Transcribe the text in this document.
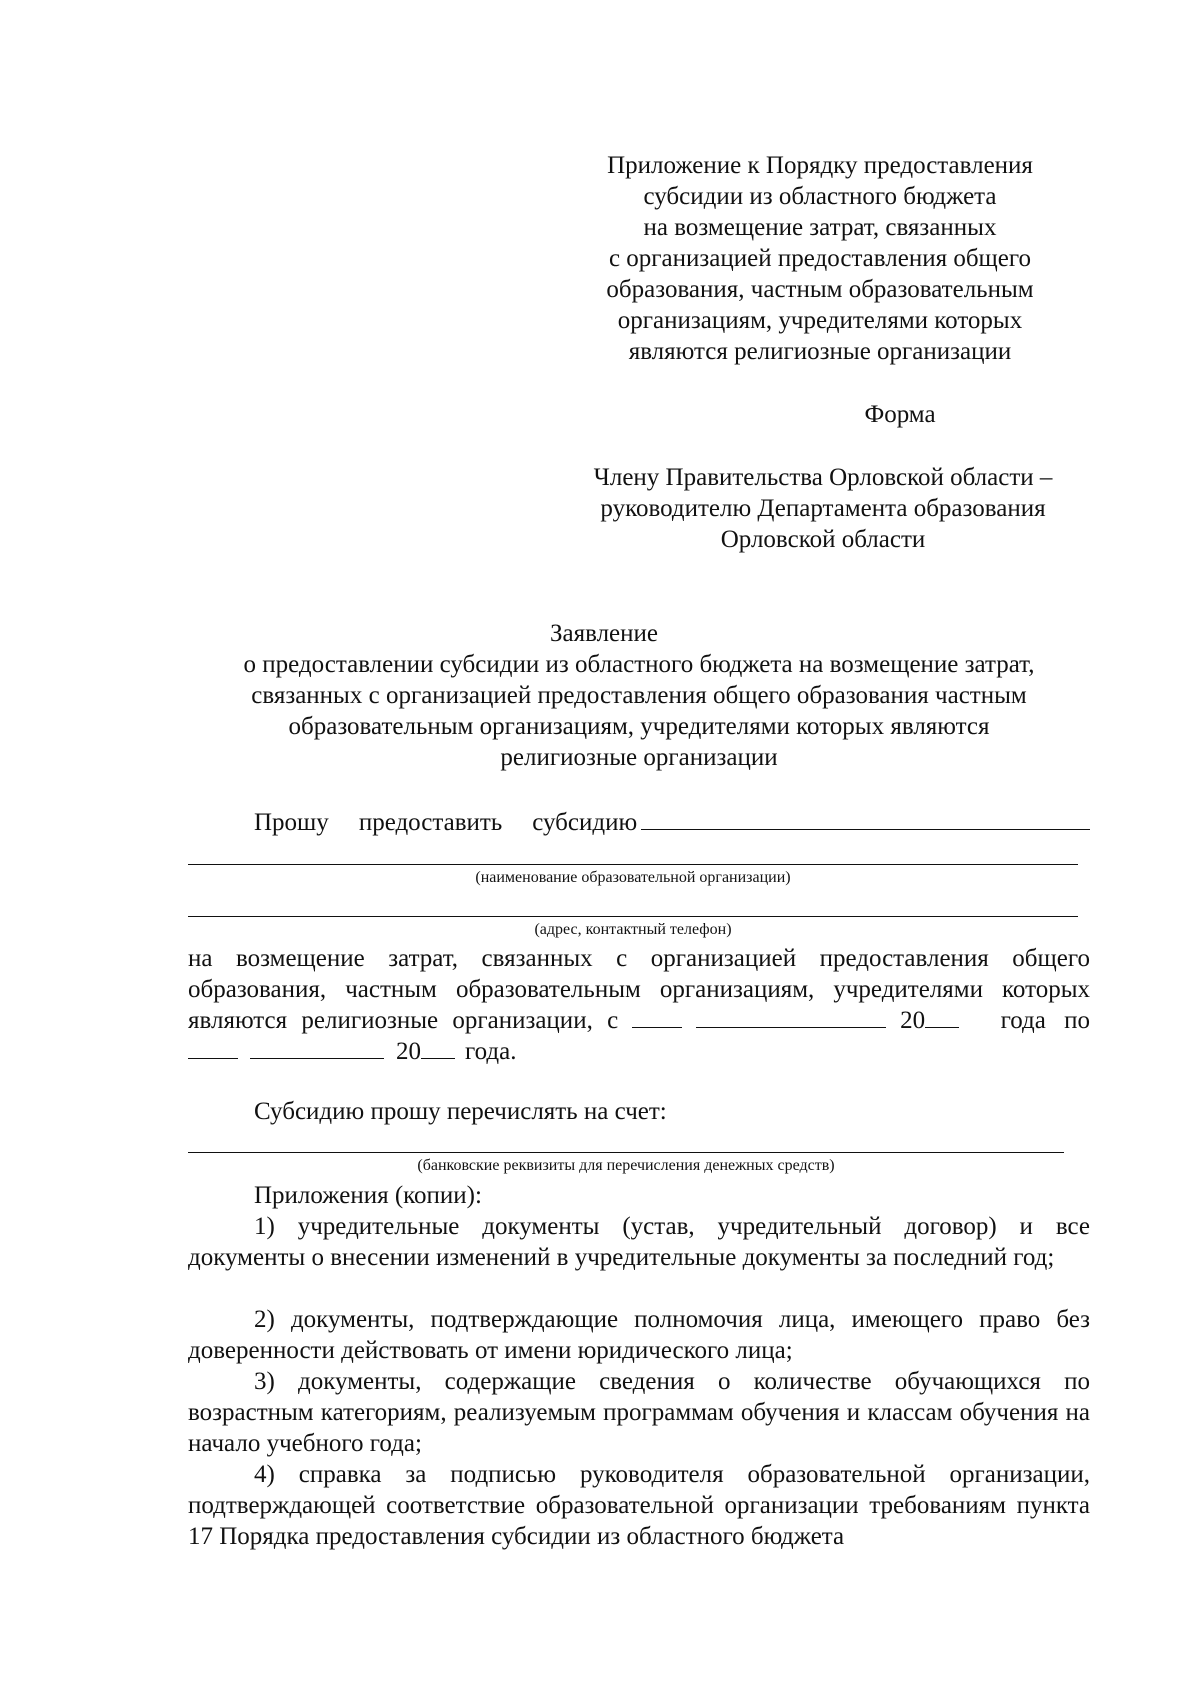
Приложение к Порядку предоставления
субсидии из областного бюджета
на возмещение затрат, связанных
с организацией предоставления общего
образования, частным образовательным
организациям, учредителями которых
являются религиозные организации
Форма
Члену Правительства Орловской области –
руководителю Департамента образования
Орловской области
Заявление
о предоставлении субсидии из областного бюджета на возмещение затрат,
связанных с организацией предоставления общего образования частным
образовательным организациям, учредителями которых являются
религиозные организации
Прошу предоставить субсидию
(наименование образовательной организации)
(адрес, контактный телефон)
на возмещение затрат, связанных с организацией предоставления общего
образования, частным образовательным организациям, учредителями которых
являются религиозные организации, с	20	года по
20 года.
Субсидию прошу перечислять на счет:
(банковские реквизиты для перечисления денежных средств)
Приложения (копии):
1) учредительные документы (устав, учредительный договор) и все документы о внесении изменений в учредительные документы за последний год;
2) документы, подтверждающие полномочия лица, имеющего право без доверенности действовать от имени юридического лица;
3) документы, содержащие сведения о количестве обучающихся по возрастным категориям, реализуемым программам обучения и классам обучения на начало учебного года;
4) справка за подписью руководителя образовательной организации, подтверждающей соответствие образовательной организации требованиям пункта 17 Порядка предоставления субсидии из областного бюджета
